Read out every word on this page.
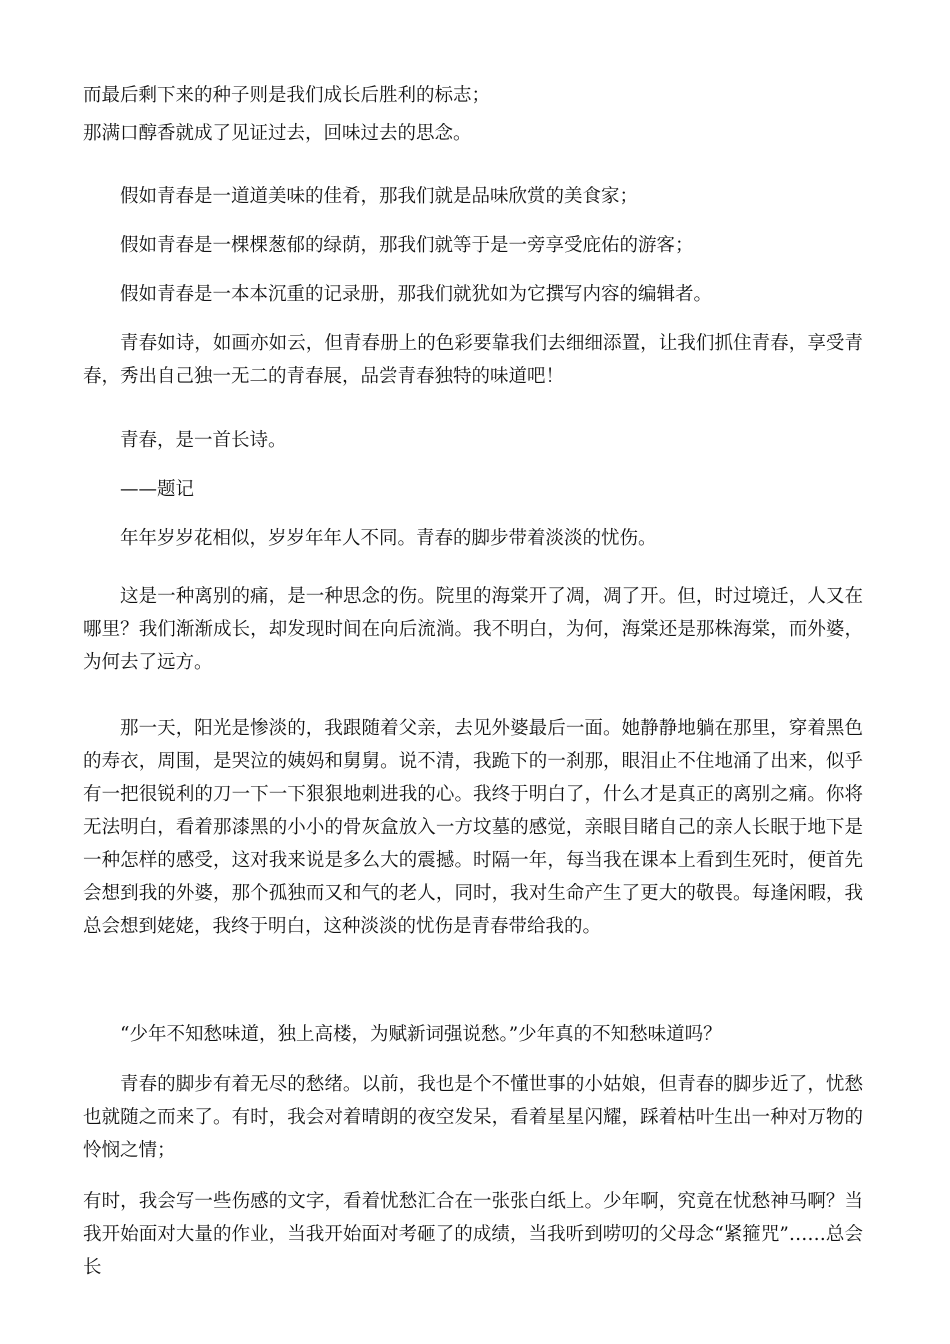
而最后剩下来的种子则是我们成长后胜利的标志；

那满口醇香就成了见证过去，回味过去的思念。

假如青春是一道道美味的佳肴，那我们就是品味欣赏的美食家；

假如青春是一棵棵葱郁的绿荫，那我们就等于是一旁享受庇佑的游客；

假如青春是一本本沉重的记录册，那我们就犹如为它撰写内容的编辑者。

青春如诗，如画亦如云，但青春册上的色彩要靠我们去细细添置，让我们抓住青春，享受青春，秀出自己独一无二的青春展，品尝青春独特的味道吧！

青春，是一首长诗。

——题记

年年岁岁花相似，岁岁年年人不同。青春的脚步带着淡淡的忧伤。

这是一种离别的痛，是一种思念的伤。院里的海棠开了凋，凋了开。但，时过境迁，人又在哪里？我们渐渐成长，却发现时间在向后流淌。我不明白，为何，海棠还是那株海棠，而外婆，为何去了远方。

那一天，阳光是惨淡的，我跟随着父亲，去见外婆最后一面。她静静地躺在那里，穿着黑色的寿衣，周围，是哭泣的姨妈和舅舅。说不清，我跪下的一刹那，眼泪止不住地涌了出来，似乎有一把很锐利的刀一下一下狠狠地刺进我的心。我终于明白了，什么才是真正的离别之痛。你将无法明白，看着那漆黑的小小的骨灰盒放入一方坟墓的感觉，亲眼目睹自己的亲人长眠于地下是一种怎样的感受，这对我来说是多么大的震撼。时隔一年，每当我在课本上看到生死时，便首先会想到我的外婆，那个孤独而又和气的老人，同时，我对生命产生了更大的敬畏。每逢闲暇，我总会想到姥姥，我终于明白，这种淡淡的忧伤是青春带给我的。

“少年不知愁味道，独上高楼，为赋新词强说愁。”少年真的不知愁味道吗？

青春的脚步有着无尽的愁绪。以前，我也是个不懂世事的小姑娘，但青春的脚步近了，忧愁也就随之而来了。有时，我会对着晴朗的夜空发呆，看着星星闪耀，踩着枯叶生出一种对万物的怜悯之情；

有时，我会写一些伤感的文字，看着忧愁汇合在一张张白纸上。少年啊，究竟在忧愁神马啊？当我开始面对大量的作业，当我开始面对考砸了的成绩，当我听到唠叨的父母念“紧箍咒”……总会长
